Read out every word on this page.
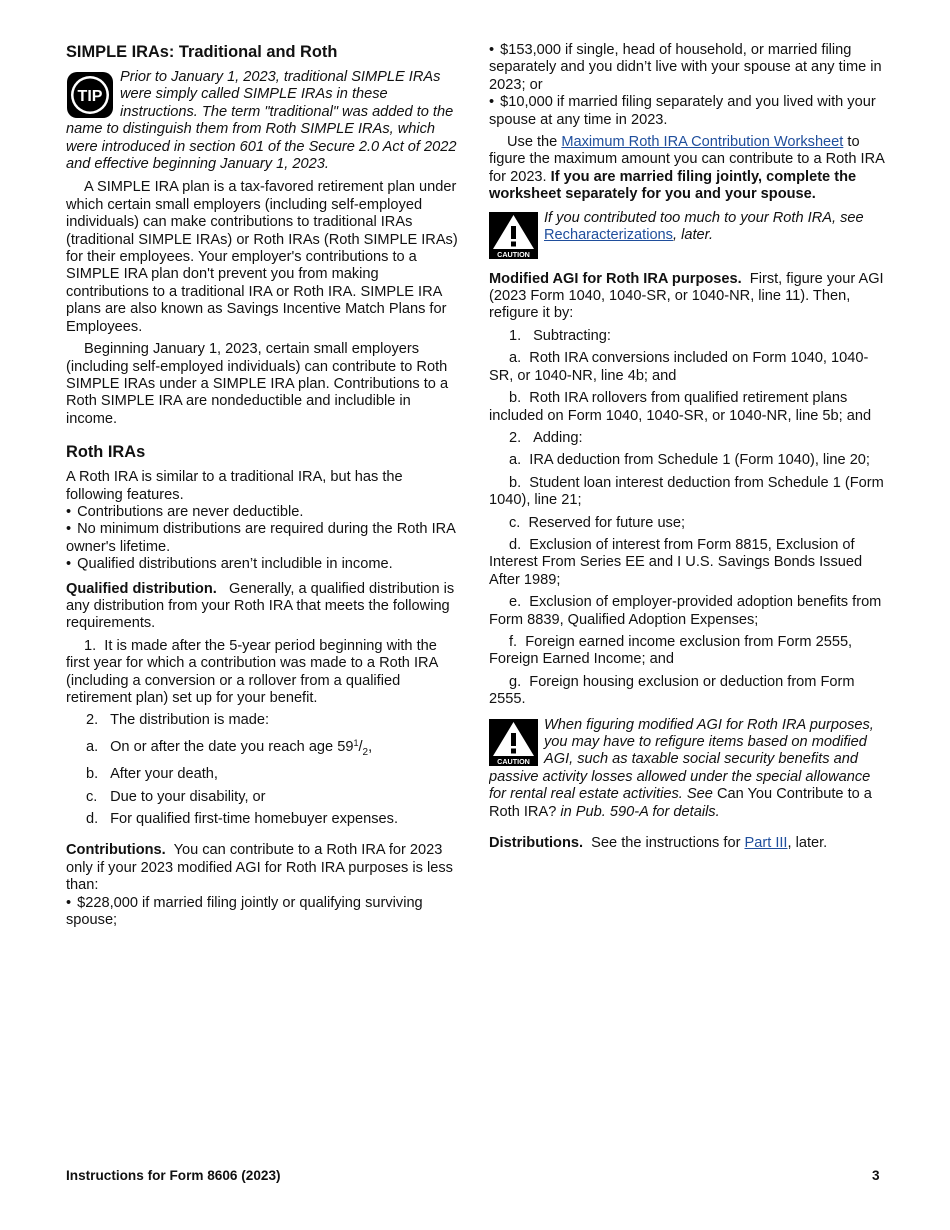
SIMPLE IRAs: Traditional and Roth
TIP
Prior to January 1, 2023, traditional SIMPLE IRAs were simply called SIMPLE IRAs in these instructions. The term "traditional" was added to the name to distinguish them from Roth SIMPLE IRAs, which were introduced in section 601 of the Secure 2.0 Act of 2022 and effective beginning January 1, 2023.

A SIMPLE IRA plan is a tax-favored retirement plan under which certain small employers (including self-employed individuals) can make contributions to traditional IRAs (traditional SIMPLE IRAs) or Roth IRAs (Roth SIMPLE IRAs) for their employees. Your employer's contributions to a SIMPLE IRA plan don't prevent you from making contributions to a traditional IRA or Roth IRA. SIMPLE IRA plans are also known as Savings Incentive Match Plans for Employees.

Beginning January 1, 2023, certain small employers (including self-employed individuals) can contribute to Roth SIMPLE IRAs under a SIMPLE IRA plan. Contributions to a Roth SIMPLE IRA are nondeductible and includible in income.

Roth IRAs

A Roth IRA is similar to a traditional IRA, but has the following features.

• Contributions are never deductible.

• No minimum distributions are required during the Roth IRA owner's lifetime.

• Qualified distributions aren’t includible in income.

Qualified distribution. Generally, a qualified distribution is any distribution from your Roth IRA that meets the following requirements.

1. It is made after the 5-year period beginning with the first year for which a contribution was made to a Roth IRA (including a conversion or a rollover from a qualified retirement plan) set up for your benefit.

2. The distribution is made:

a. On or after the date you reach age $59^1/_2$,

b. After your death,

c. Due to your disability, or

d. For qualified first-time homebuyer expenses.

Contributions. You can contribute to a Roth IRA for 2023 only if your 2023 modified AGI for Roth IRA purposes is less than:

• $228,000 if married filing jointly or qualifying surviving spouse;

• $153,000 if single, head of household, or married filing separately and you didn’t live with your spouse at any time in 2023; or

• $10,000 if married filing separately and you lived with your spouse at any time in 2023.

Use the Maximum Roth IRA Contribution Worksheet to figure the maximum amount you can contribute to a Roth IRA for 2023. If you are married filing jointly, complete the worksheet separately for you and your spouse.

CAUTION
If you contributed too much to your Roth IRA, see Recharacterizations, later.

Modified AGI for Roth IRA purposes. First, figure your AGI (2023 Form 1040, 1040-SR, or 1040-NR, line 11). Then, refigure it by:

1. Subtracting:

a. Roth IRA conversions included on Form 1040, 1040-SR, or 1040-NR, line 4b; and

b. Roth IRA rollovers from qualified retirement plans included on Form 1040, 1040-SR, or 1040-NR, line 5b; and

2. Adding:

a. IRA deduction from Schedule 1 (Form 1040), line 20;

b. Student loan interest deduction from Schedule 1 (Form 1040), line 21;

c. Reserved for future use;

d. Exclusion of interest from Form 8815, Exclusion of Interest From Series EE and I U.S. Savings Bonds Issued After 1989;

e. Exclusion of employer-provided adoption benefits from Form 8839, Qualified Adoption Expenses;

f. Foreign earned income exclusion from Form 2555, Foreign Earned Income; and

g. Foreign housing exclusion or deduction from Form 2555.

CAUTION
When figuring modified AGI for Roth IRA purposes, you may have to refigure items based on modified AGI, such as taxable social security benefits and passive activity losses allowed under the special allowance for rental real estate activities. See Can You Contribute to a Roth IRA? in Pub. 590-A for details.

Distributions. See the instructions for Part III, later.

Instructions for Form 8606 (2023)	3
